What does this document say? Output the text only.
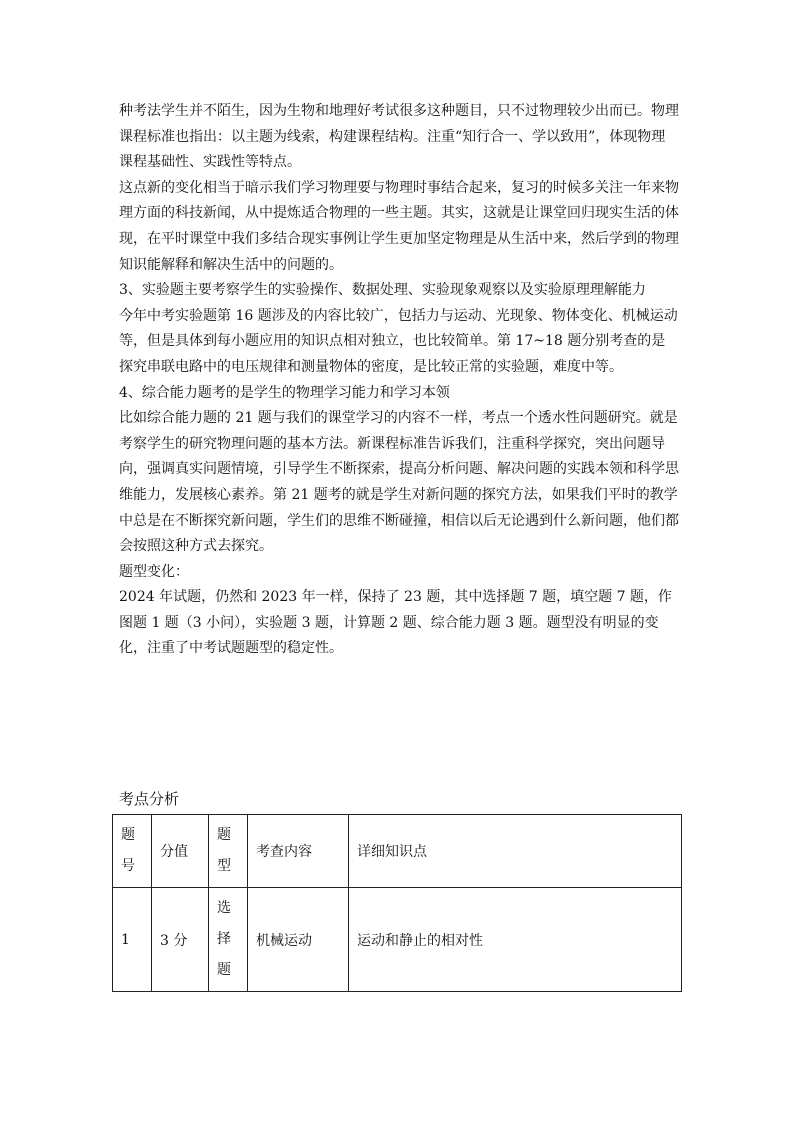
种考法学生并不陌生，因为生物和地理好考试很多这种题目，只不过物理较少出而已。物理课程标准也指出：以主题为线索，构建课程结构。注重“知行合一、学以致用”，体现物理课程基础性、实践性等特点。

这点新的变化相当于暗示我们学习物理要与物理时事结合起来，复习的时候多关注一年来物理方面的科技新闻，从中提炼适合物理的一些主题。其实，这就是让课堂回归现实生活的体现，在平时课堂中我们多结合现实事例让学生更加坚定物理是从生活中来，然后学到的物理知识能解释和解决生活中的问题的。

3、实验题主要考察学生的实验操作、数据处理、实验现象观察以及实验原理理解能力

今年中考实验题第 16 题涉及的内容比较广，包括力与运动、光现象、物体变化、机械运动等，但是具体到每小题应用的知识点相对独立，也比较简单。第 17~18 题分别考查的是探究串联电路中的电压规律和测量物体的密度，是比较正常的实验题，难度中等。

4、综合能力题考的是学生的物理学习能力和学习本领

比如综合能力题的 21 题与我们的课堂学习的内容不一样，考点一个透水性问题研究。就是考察学生的研究物理问题的基本方法。新课程标准告诉我们，注重科学探究，突出问题导向，强调真实问题情境，引导学生不断探索，提高分析问题、解决问题的实践本领和科学思维能力，发展核心素养。第 21 题考的就是学生对新问题的探究方法，如果我们平时的教学中总是在不断探究新问题，学生们的思维不断碰撞，相信以后无论遇到什么新问题，他们都会按照这种方式去探究。

题型变化：

2024 年试题，仍然和 2023 年一样，保持了 23 题，其中选择题 7 题，填空题 7 题，作图题 1 题（3 小问），实验题 3 题，计算题 2 题、综合能力题 3 题。题型没有明显的变化，注重了中考试题题型的稳定性。

考点分析
题号	分值	题型	考查内容	详细知识点
1	3 分	选择题	机械运动	运动和静止的相对性
